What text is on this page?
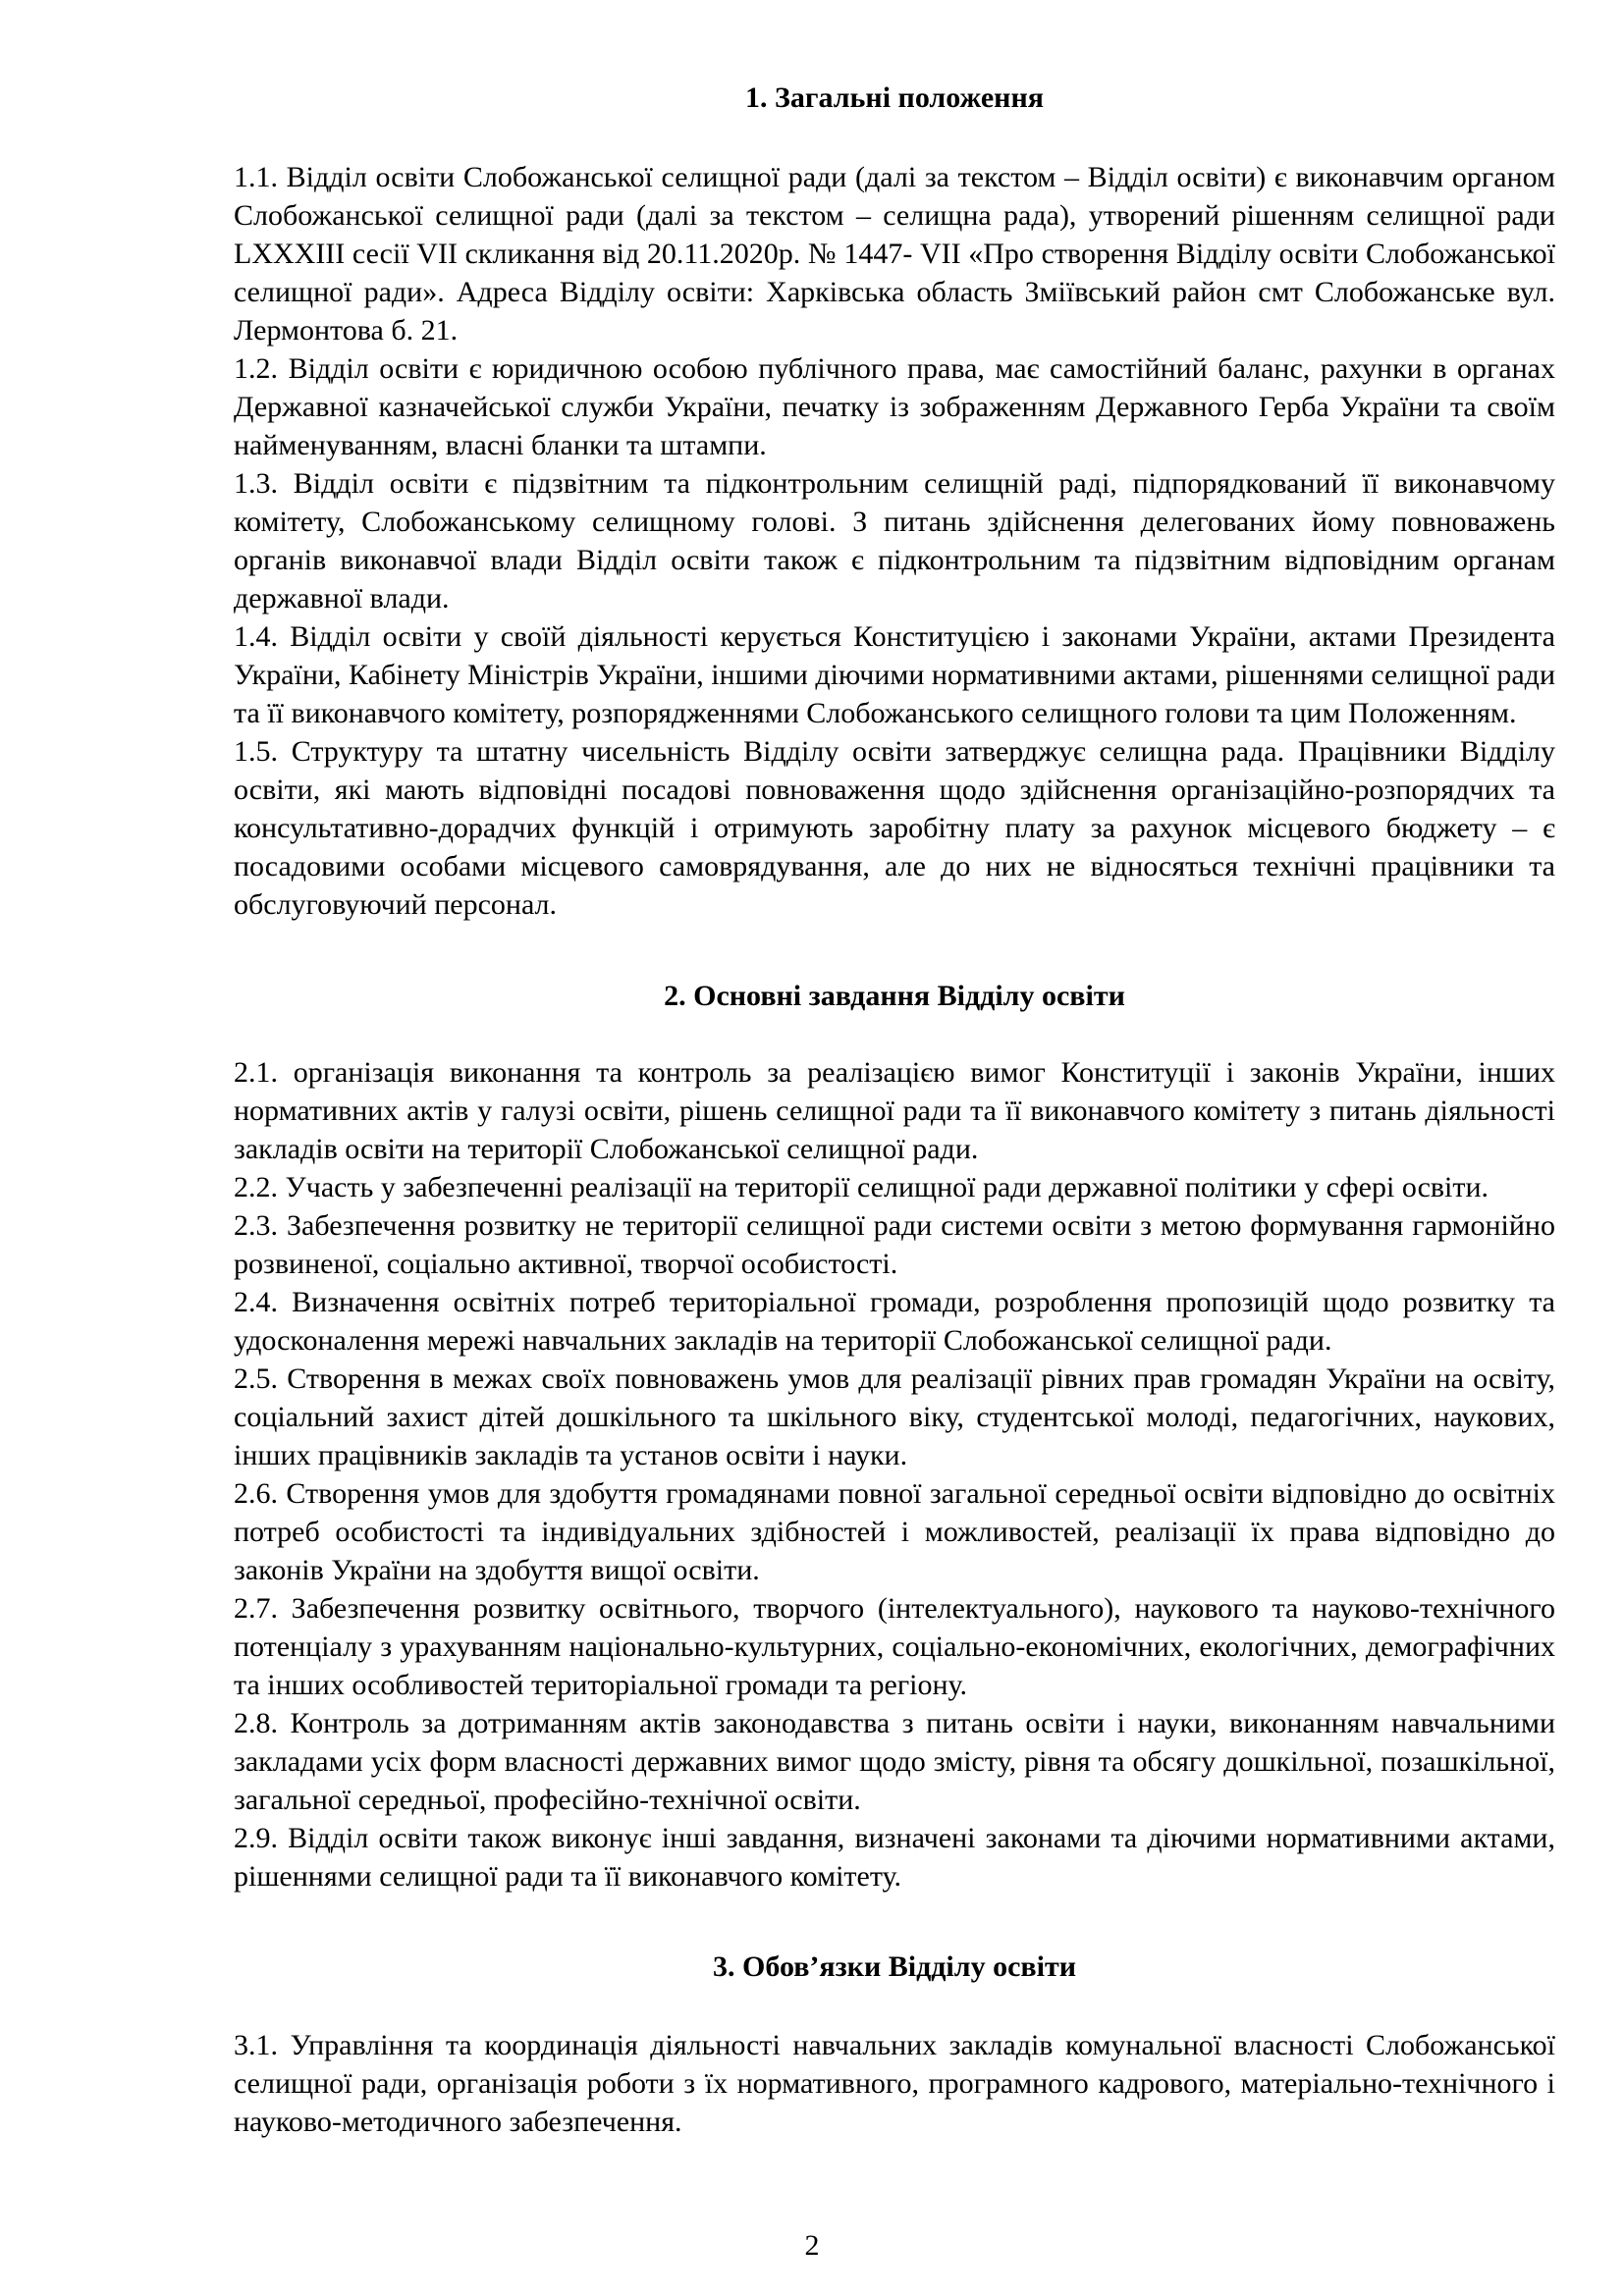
1. Загальні положення

1.1. Відділ освіти Слобожанської селищної ради (далі за текстом – Відділ освіти) є виконавчим органом Слобожанської селищної ради (далі за текстом – селищна рада), утворений рішенням селищної ради LXXXIII сесії VII скликання від 20.11.2020р. № 1447- VII «Про створення Відділу освіти Слобожанської селищної ради». Адреса Відділу освіти: Харківська область Зміївський район смт Слобожанське вул. Лермонтова б. 21.

1.2. Відділ освіти є юридичною особою публічного права, має самостійний баланс, рахунки в органах Державної казначейської служби України, печатку із зображенням Державного Герба України та своїм найменуванням, власні бланки та штампи.

1.3. Відділ освіти є підзвітним та підконтрольним селищній раді, підпорядкований її виконавчому комітету, Слобожанському селищному голові. З питань здійснення делегованих йому повноважень органів виконавчої влади Відділ освіти також є підконтрольним та підзвітним відповідним органам державної влади.

1.4. Відділ освіти у своїй діяльності керується Конституцією і законами України, актами Президента України, Кабінету Міністрів України, іншими діючими нормативними актами, рішеннями селищної ради та її виконавчого комітету, розпорядженнями Слобожанського селищного голови та цим Положенням.

1.5. Структуру та штатну чисельність Відділу освіти затверджує селищна рада. Працівники Відділу освіти, які мають відповідні посадові повноваження щодо здійснення організаційно-розпорядчих та консультативно-дорадчих функцій і отримують заробітну плату за рахунок місцевого бюджету – є посадовими особами місцевого самоврядування, але до них не відносяться технічні працівники та обслуговуючий персонал.

2. Основні завдання Відділу освіти

2.1. організація виконання та контроль за реалізацією вимог Конституції і законів України, інших нормативних актів у галузі освіти, рішень селищної ради та її виконавчого комітету з питань діяльності закладів освіти на території Слобожанської селищної ради.

2.2. Участь у забезпеченні реалізації на території селищної ради державної політики у сфері освіти.

2.3. Забезпечення розвитку не території селищної ради системи освіти з метою формування гармонійно розвиненої, соціально активної, творчої особистості.

2.4. Визначення освітніх потреб територіальної громади, розроблення пропозицій щодо розвитку та удосконалення мережі навчальних закладів на території Слобожанської селищної ради.

2.5. Створення в межах своїх повноважень умов для реалізації рівних прав громадян України на освіту, соціальний захист дітей дошкільного та шкільного віку, студентської молоді, педагогічних, наукових, інших працівників закладів та установ освіти і науки.

2.6. Створення умов для здобуття громадянами повної загальної середньої освіти відповідно до освітніх потреб особистості та індивідуальних здібностей і можливостей, реалізації їх права відповідно до законів України на здобуття вищої освіти.

2.7. Забезпечення розвитку освітнього, творчого (інтелектуального), наукового та науково-технічного потенціалу з урахуванням національно-культурних, соціально-економічних, екологічних, демографічних та інших особливостей територіальної громади та регіону.

2.8. Контроль за дотриманням актів законодавства з питань освіти і науки, виконанням навчальними закладами усіх форм власності державних вимог щодо змісту, рівня та обсягу дошкільної, позашкільної, загальної середньої, професійно-технічної освіти.

2.9. Відділ освіти також виконує інші завдання, визначені законами та діючими нормативними актами, рішеннями селищної ради та її виконавчого комітету.

3. Обов’язки Відділу освіти

3.1. Управління та координація діяльності навчальних закладів комунальної власності Слобожанської селищної ради, організація роботи з їх нормативного, програмного кадрового, матеріально-технічного і науково-методичного забезпечення.

2
